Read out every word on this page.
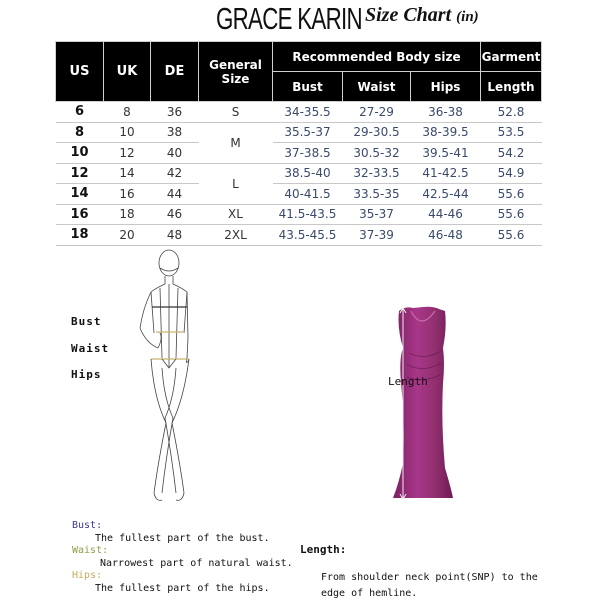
GRACE KARIN Size Chart (in)
US	UK	DE	General Size	Recommended Body size			Garment
				Bust	Waist	Hips	Length
6	8	36	S	34-35.5	27-29	36-38	52.8
8	10	38	M	35.5-37	29-30.5	38-39.5	53.5
10	12	40		37-38.5	30.5-32	39.5-41	54.2
12	14	42	L	38.5-40	32-33.5	41-42.5	54.9
14	16	44		40-41.5	33.5-35	42.5-44	55.6
16	18	46	XL	41.5-43.5	35-37	44-46	55.6
18	20	48	2XL	43.5-45.5	37-39	46-48	55.6
Bust
Waist
Hips
Length
Bust:
The fullest part of the bust.
Waist:
Narrowest part of natural waist.
Hips:
The fullest part of the hips.
Length:
From shoulder neck point(SNP) to the edge of hemline.
